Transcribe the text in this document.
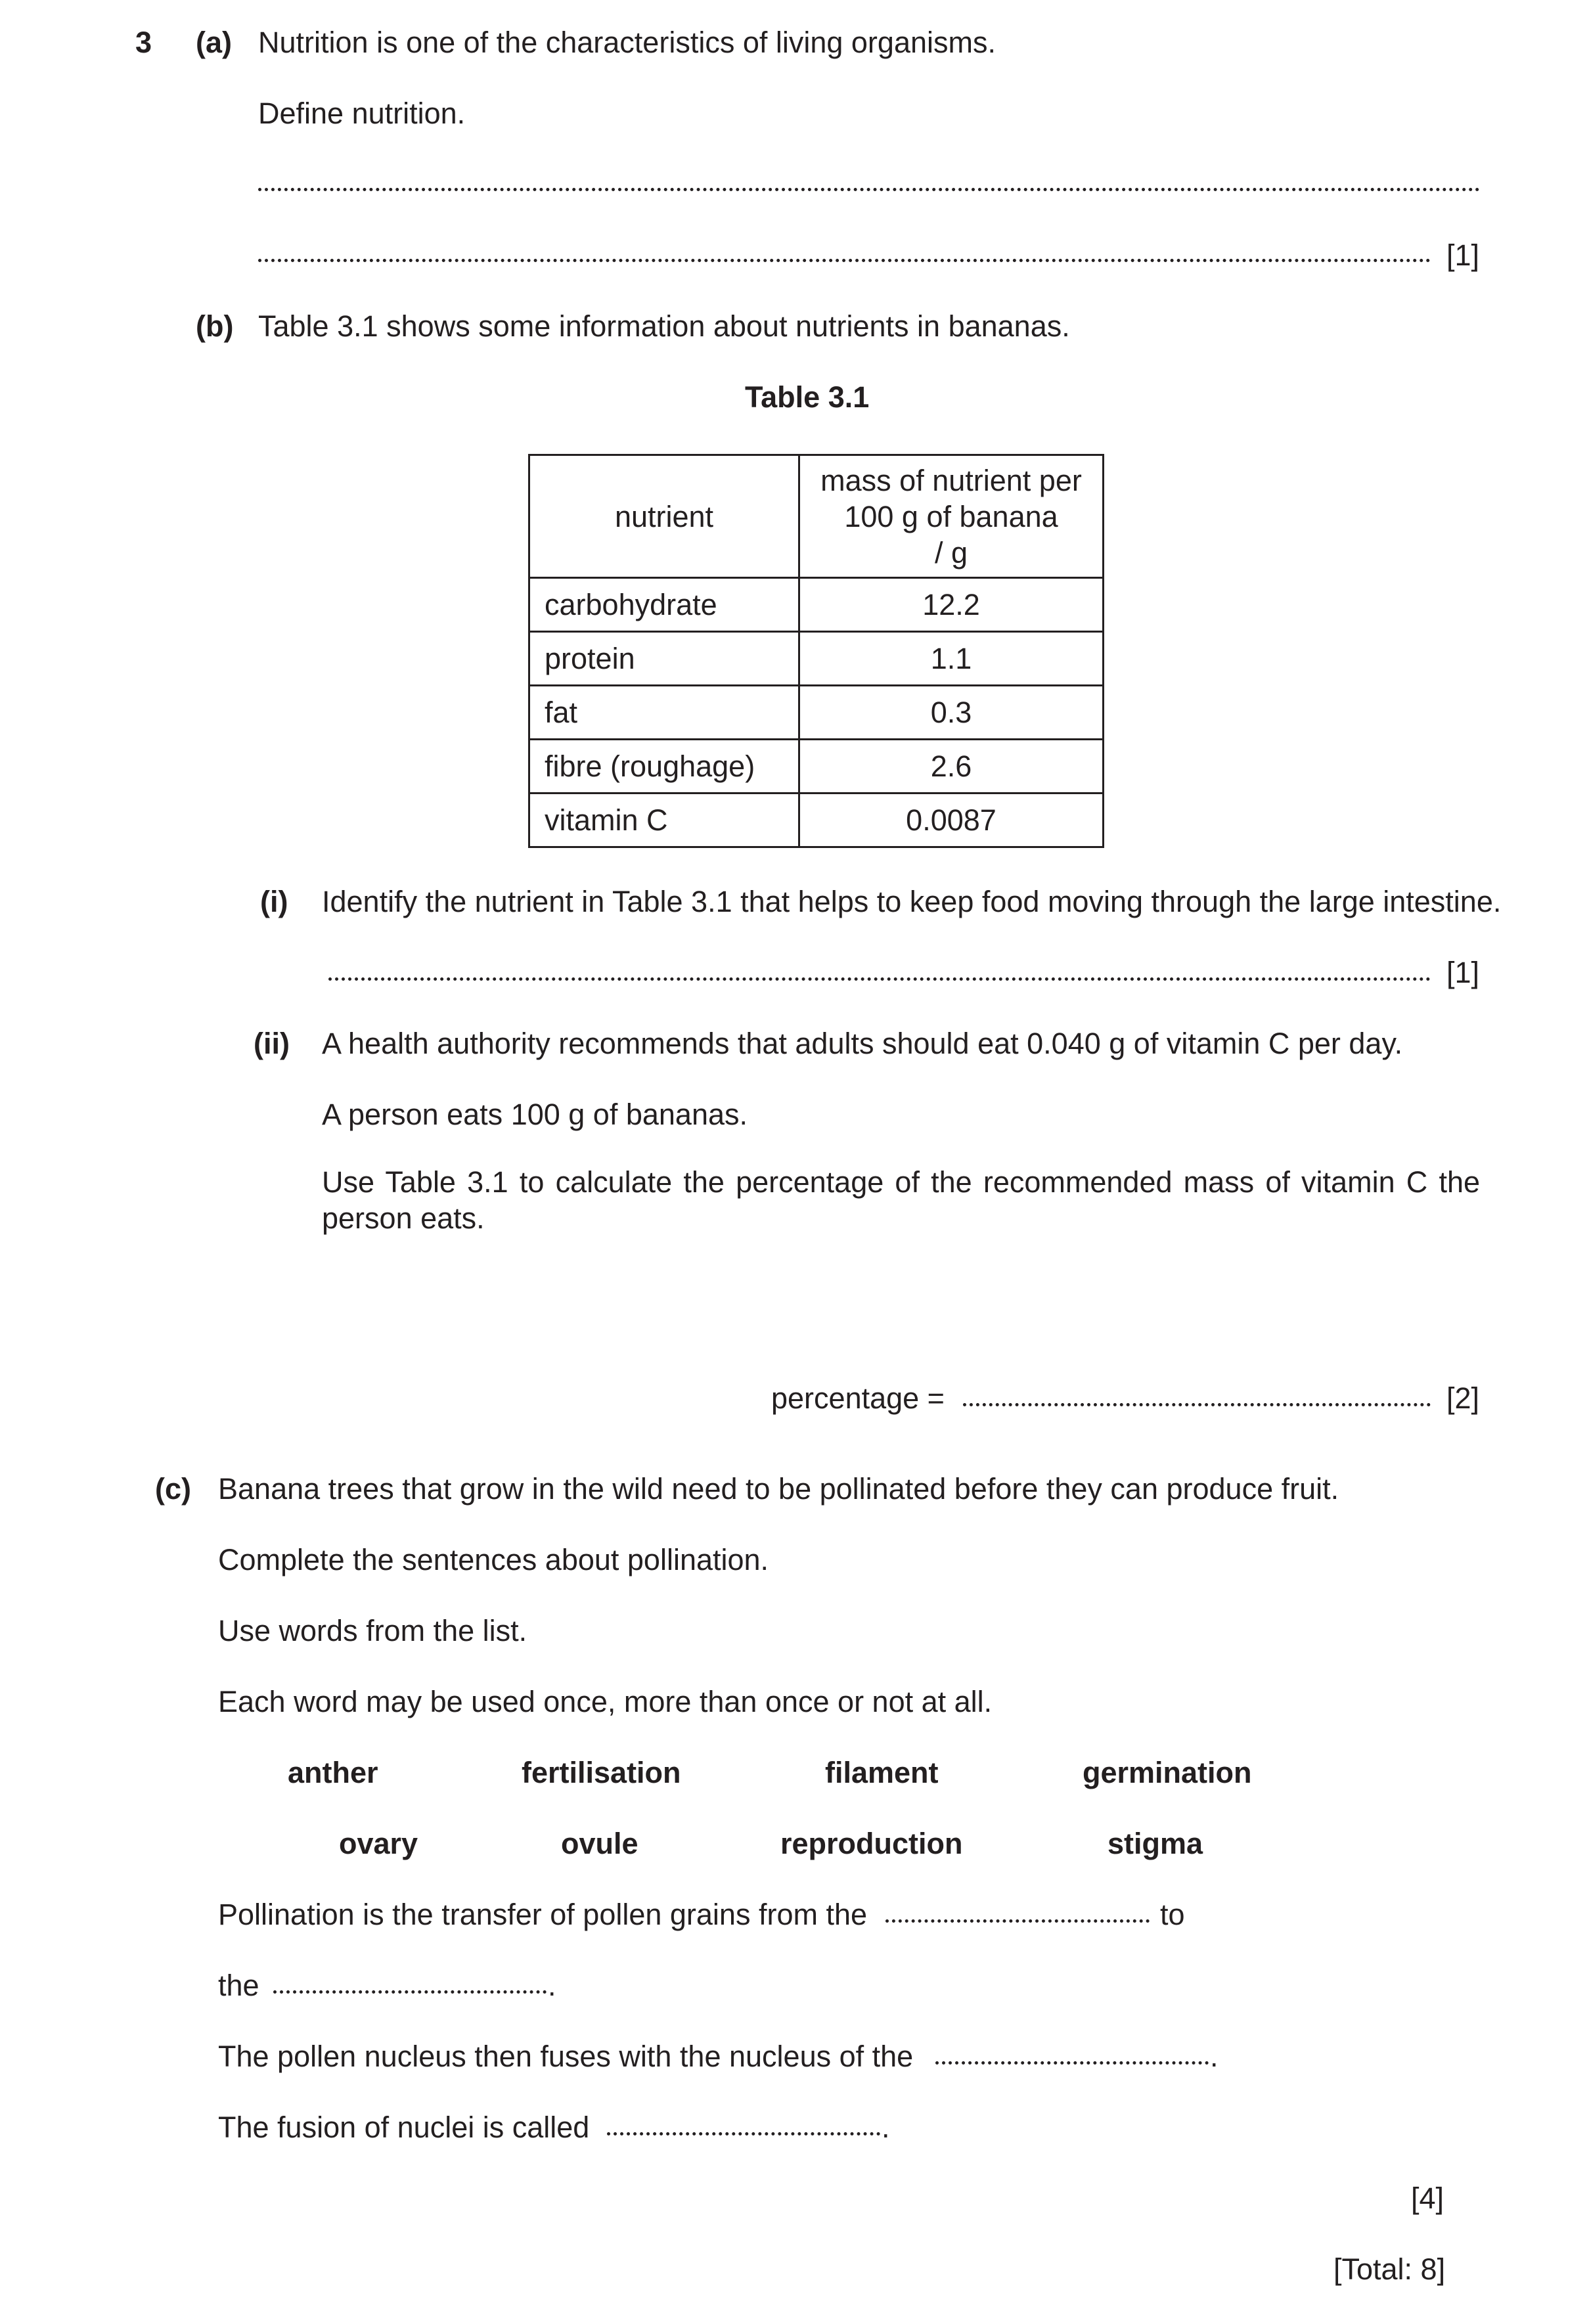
3 (a) Nutrition is one of the characteristics of living organisms.
Define nutrition.
[1]
(b) Table 3.1 shows some information about nutrients in bananas.
Table 3.1
nutrient	mass of nutrient per
100 g of banana
/ g

carbohydrate	12.2
protein	1.1
fat	0.3
fibre (roughage)	2.6
vitamin C	0.0087
(i) Identify the nutrient in Table 3.1 that helps to keep food moving through the large intestine.
[1]
(ii) A health authority recommends that adults should eat 0.040 g of vitamin C per day.
A person eats 100 g of bananas.
Use Table 3.1 to calculate the percentage of the recommended mass of vitamin C the person eats.
percentage =	[2]
(c) Banana trees that grow in the wild need to be pollinated before they can produce fruit.
Complete the sentences about pollination.
Use words from the list.
Each word may be used once, more than once or not at all.
anther	fertilisation	filament	germination
ovary	ovule	reproduction	stigma
Pollination is the transfer of pollen grains from the	to
the	.
The pollen nucleus then fuses with the nucleus of the	.
The fusion of nuclei is called	.
[4]
[Total: 8]
